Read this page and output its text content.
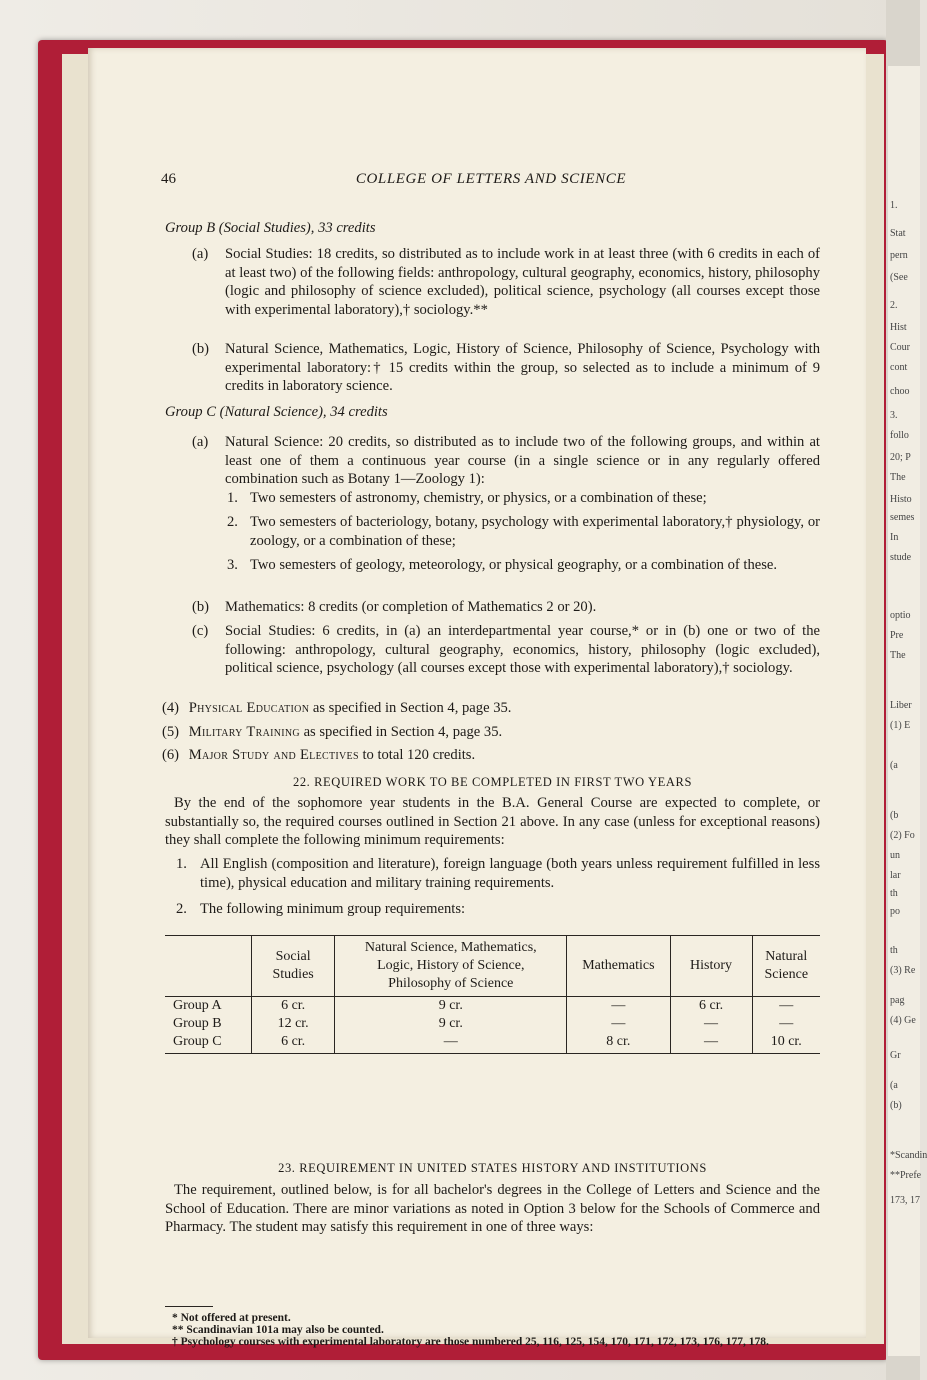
1.
Stat
pern
(See
2.
Hist
Cour
cont
choo
3.
follo
20; P
The
Histo
semes
In
stude
optio
Pre
The
Liber
(1) E
(a
(b
(2) Fo
un
lar
th
po
th
(3) Re
pag
(4) Ge
Gr
(a
(b)
*Scandin
**Prefe
173, 17
46	COLLEGE OF LETTERS AND SCIENCE
Group B (Social Studies), 33 credits
(a)	Social Studies: 18 credits, so distributed as to include work in at least three (with 6 credits in each of at least two) of the following fields: anthropology, cultural geography, economics, history, philosophy (logic and philosophy of science excluded), political science, psychology (all courses except those with experimental laboratory),† sociology.**
(b)	Natural Science, Mathematics, Logic, History of Science, Philosophy of Science, Psychology with experimental laboratory:† 15 credits within the group, so selected as to include a minimum of 9 credits in laboratory science.
Group C (Natural Science), 34 credits
(a)	Natural Science: 20 credits, so distributed as to include two of the following groups, and within at least one of them a continuous year course (in a single science or in any regularly offered combination such as Botany 1—Zoology 1):
1. Two semesters of astronomy, chemistry, or physics, or a combination of these;
2. Two semesters of bacteriology, botany, psychology with experimental laboratory,† physiology, or zoology, or a combination of these;
3. Two semesters of geology, meteorology, or physical geography, or a combination of these.
(b)	Mathematics: 8 credits (or completion of Mathematics 2 or 20).
(c)	Social Studies: 6 credits, in (a) an interdepartmental year course,* or in (b) one or two of the following: anthropology, cultural geography, economics, history, philosophy (logic excluded), political science, psychology (all courses except those with experimental laboratory),† sociology.
(4) Physical Education as specified in Section 4, page 35.
(5) Military Training as specified in Section 4, page 35.
(6) Major Study and Electives to total 120 credits.
22. REQUIRED WORK TO BE COMPLETED IN FIRST TWO YEARS
By the end of the sophomore year students in the B.A. General Course are expected to complete, or substantially so, the required courses outlined in Section 21 above. In any case (unless for exceptional reasons) they shall complete the following minimum requirements:
1. All English (composition and literature), foreign language (both years unless requirement fulfilled in less time), physical education and military training requirements.
2. The following minimum group requirements:
	Social Studies	Natural Science, Mathematics, Logic, History of Science, Philosophy of Science	Mathematics	History	Natural Science
Group A	6 cr.	9 cr.	—	6 cr.	—
Group B	12 cr.	9 cr.	—	—	—
Group C	6 cr.	—	8 cr.	—	10 cr.
23. REQUIREMENT IN UNITED STATES HISTORY AND INSTITUTIONS
The requirement, outlined below, is for all bachelor's degrees in the College of Letters and Science and the School of Education. There are minor variations as noted in Option 3 below for the Schools of Commerce and Pharmacy. The student may satisfy this requirement in one of three ways:
* Not offered at present.
** Scandinavian 101a may also be counted.
† Psychology courses with experimental laboratory are those numbered 25, 116, 125, 154, 170, 171, 172, 173, 176, 177, 178.
